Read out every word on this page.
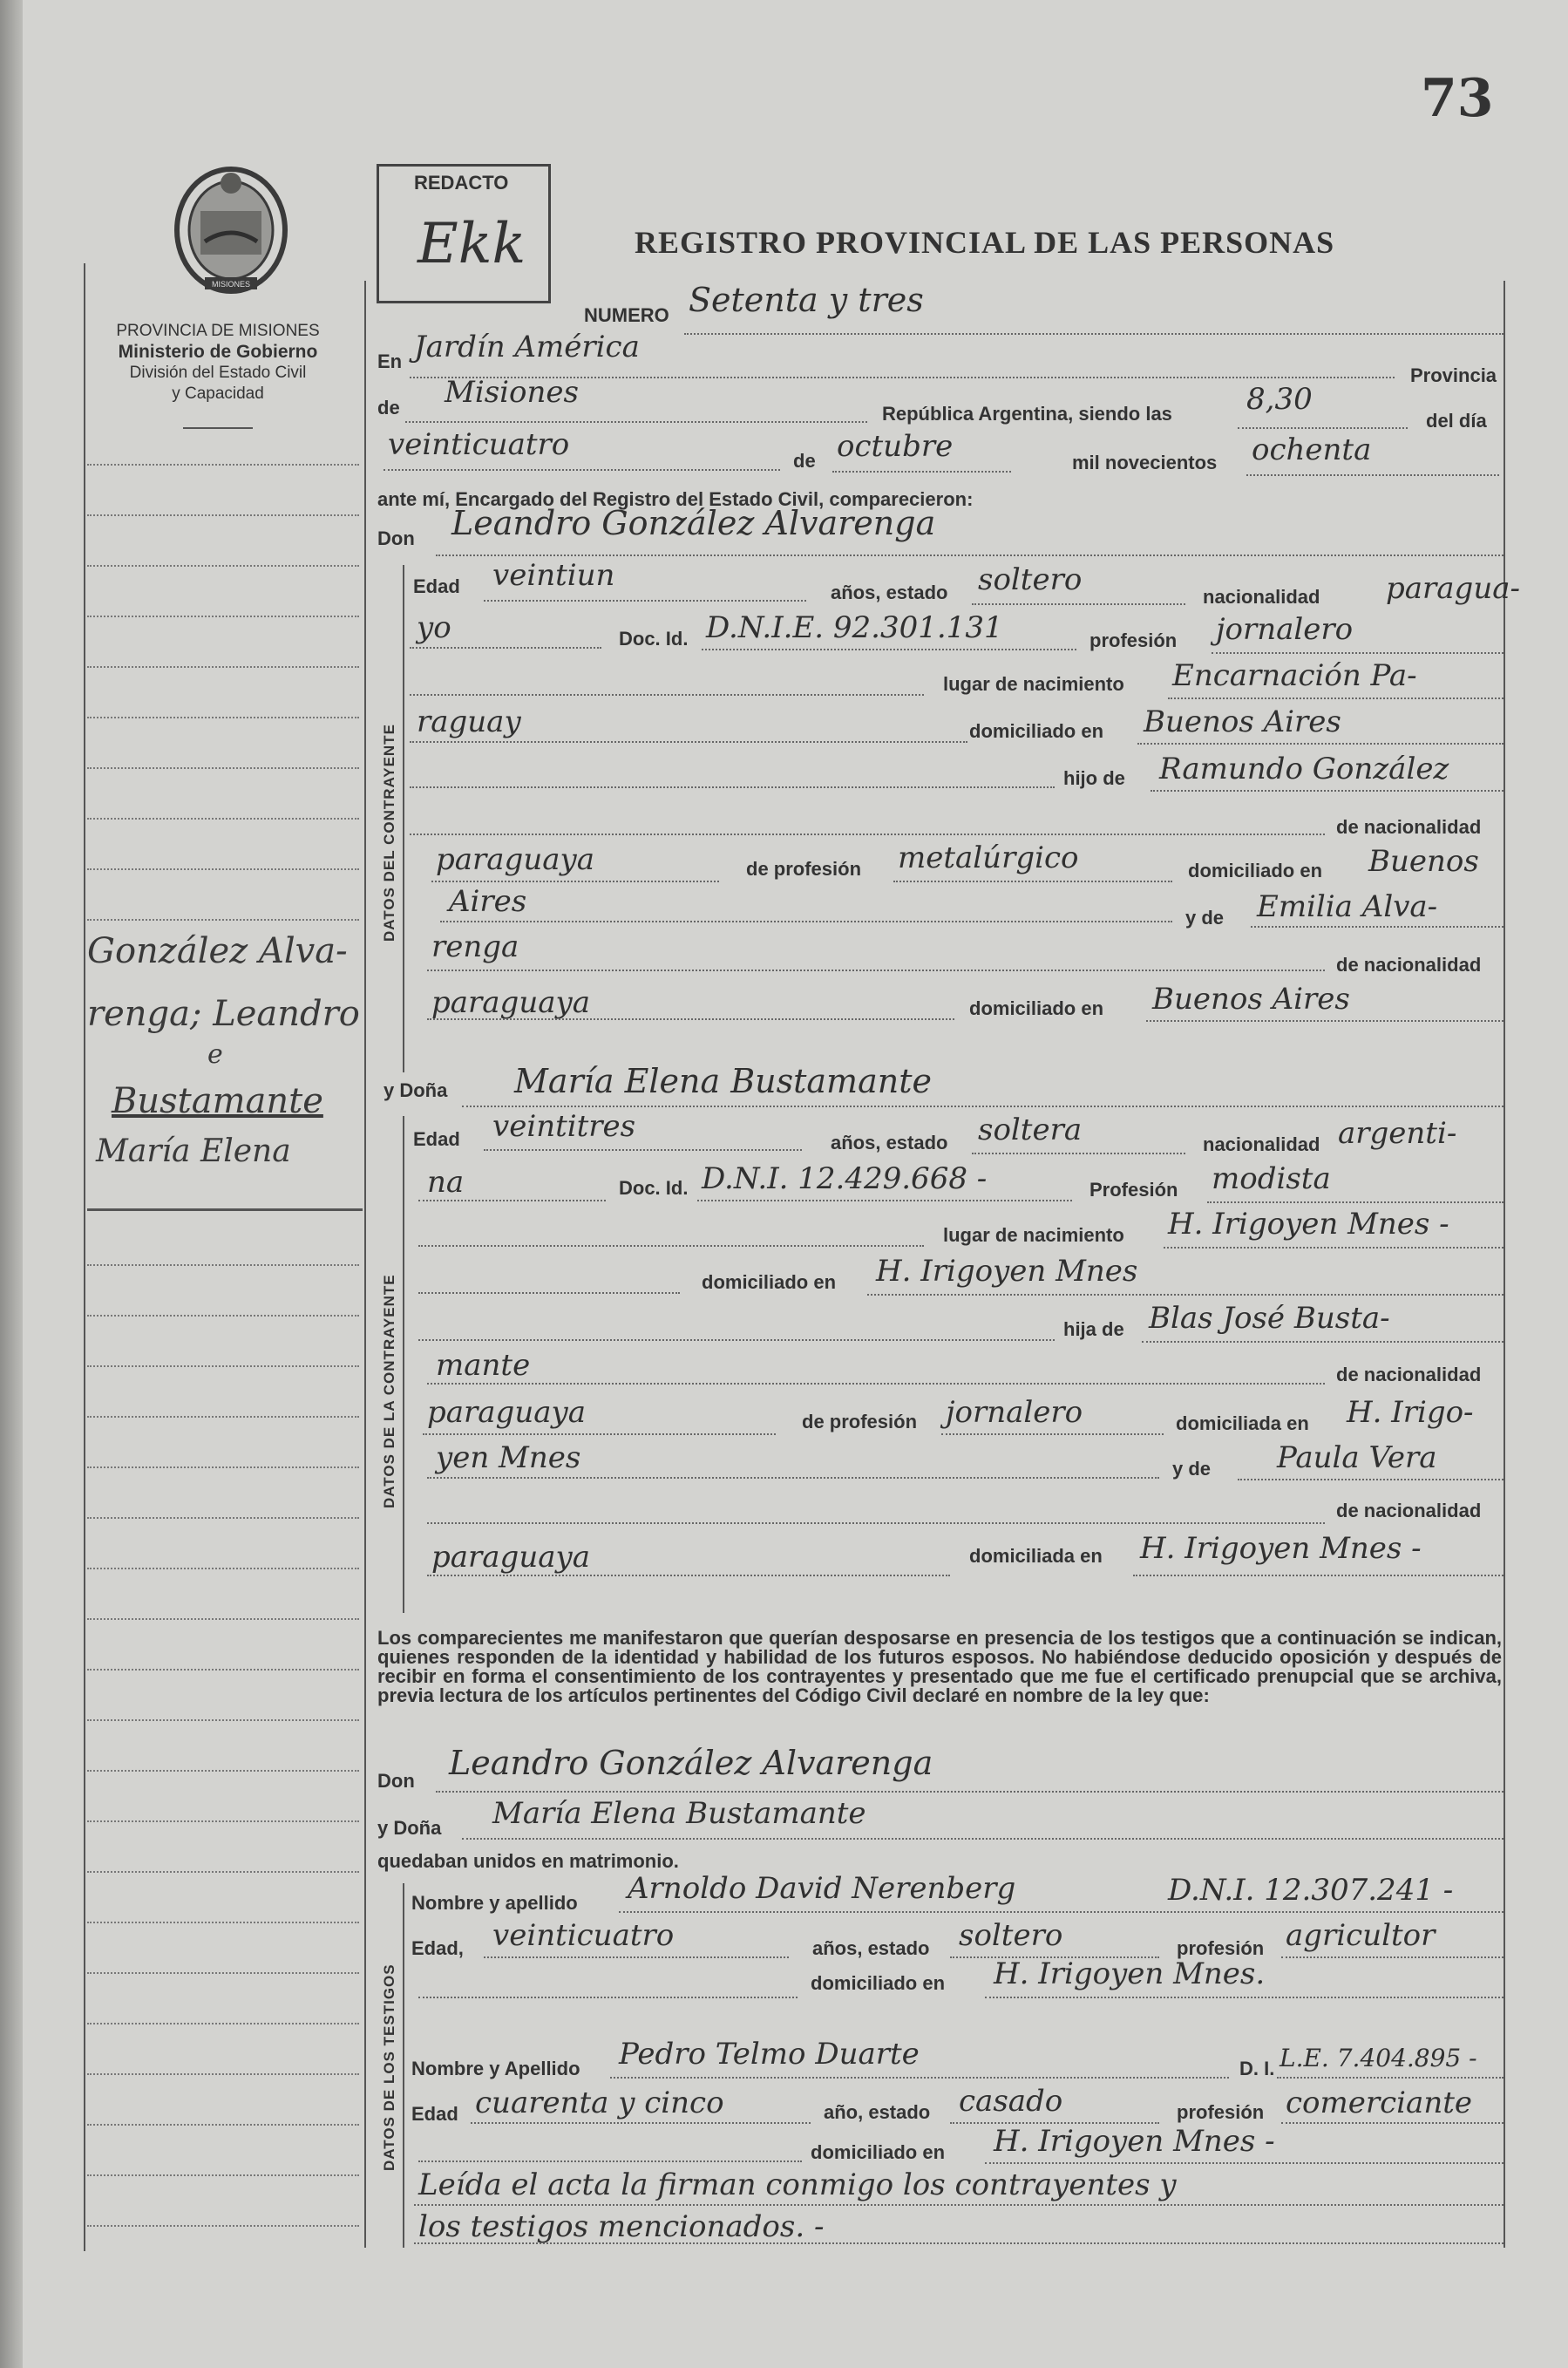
73
MISIONES
PROVINCIA DE MISIONES
Ministerio de Gobierno
División del Estado Civil
y Capacidad
González Alva-
renga; Leandro
e
Bustamante
María Elena
REDACTO
Ekk	REGISTRO PROVINCIAL DE LAS PERSONAS
NUMERO Setenta y tres
En Jardín América
Provincia
de Misiones
República Argentina, siendo las	8,30
del día
veinticuatro	de octubre	mil novecientos ochenta
ante mí, Encargado del Registro del Estado Civil, comparecieron:
Don Leandro González Alvarenga
DATOS DEL CONTRAYENTE
Edad veintiun	años, estado soltero	nacionalidad paragua-
yo	Doc. Id. D.N.I.E. 92.301.131	profesión jornalero
lugar de nacimiento Encarnación Pa-
raguay	domiciliado en Buenos Aires
hijo de Ramundo González
de nacionalidad
paraguaya	de profesión metalúrgico	domiciliado en Buenos
Aires	y de Emilia Alva-
renga
de nacionalidad
paraguaya	domiciliado en Buenos Aires
y Doña María Elena Bustamante
DATOS DE LA CONTRAYENTE
Edad veintitres	años, estado soltera	nacionalidad argenti-
na	Doc. Id. D.N.I. 12.429.668 -	Profesión modista
lugar de nacimiento H. Irigoyen Mnes -
domiciliado en H. Irigoyen Mnes
hija de Blas José Busta-
mante	de nacionalidad
paraguaya	de profesión jornalero	domiciliada en H. Irigo-
yen Mnes	y de Paula Vera
de nacionalidad
paraguaya	domiciliada en H. Irigoyen Mnes -
Los comparecientes me manifestaron que querían desposarse en presencia de los testigos que a continuación se indican, quienes responden de la identidad y habilidad de los futuros esposos. No habiéndose deducido oposición y después de recibir en forma el consentimiento de los contrayentes y presentado que me fue el certificado prenupcial que se archiva, previa lectura de los artículos pertinentes del Código Civil declaré en nombre de la ley que:
Don Leandro González Alvarenga
y Doña María Elena Bustamante
quedaban unidos en matrimonio.
DATOS DE LOS TESTIGOS
Nombre y apellido Arnoldo David Nerenberg	D.N.I. 12.307.241 -
Edad, veinticuatro	años, estado soltero	profesión agricultor
domiciliado en H. Irigoyen Mnes.
Nombre y Apellido Pedro Telmo Duarte	D. I. L.E. 7.404.895 -
Edad cuarenta y cinco	año, estado casado	profesión comerciante
domiciliado en H. Irigoyen Mnes -
Leída el acta la firman conmigo los contrayentes y
los testigos mencionados. -
